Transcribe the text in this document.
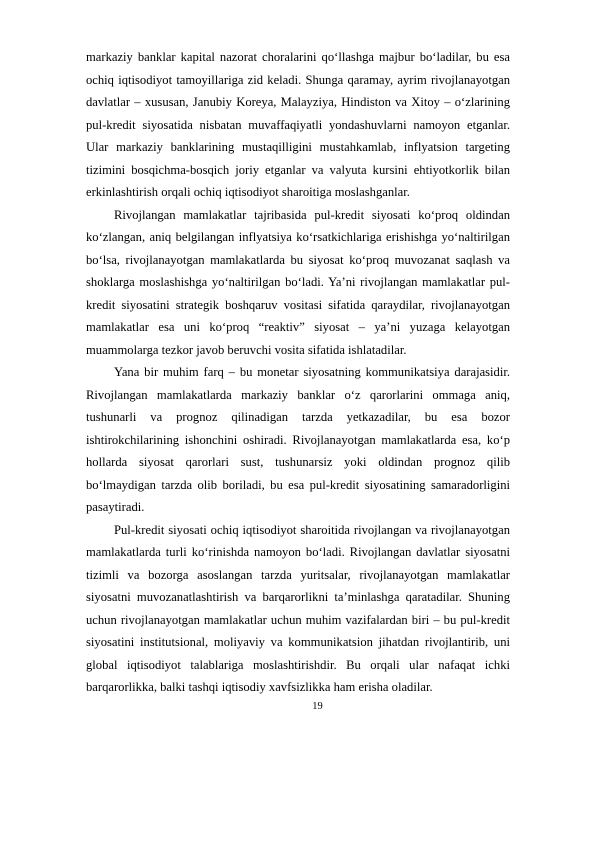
markaziy banklar kapital nazorat choralarini qo‘llashga majbur bo‘ladilar, bu esa ochiq iqtisodiyot tamoyillariga zid keladi. Shunga qaramay, ayrim rivojlanayotgan davlatlar – xususan, Janubiy Koreya, Malayziya, Hindiston va Xitoy – o‘zlarining pul-kredit siyosatida nisbatan muvaffaqiyatli yondashuvlarni namoyon etganlar. Ular markaziy banklarining mustaqilligini mustahkamlab, inflyatsion targeting tizimini bosqichma-bosqich joriy etganlar va valyuta kursini ehtiyotkorlik bilan erkinlashtirish orqali ochiq iqtisodiyot sharoitiga moslashganlar.

Rivojlangan mamlakatlar tajribasida pul-kredit siyosati ko‘proq oldindan ko‘zlangan, aniq belgilangan inflyatsiya ko‘rsatkichlariga erishishga yo‘naltirilgan bo‘lsa, rivojlanayotgan mamlakatlarda bu siyosat ko‘proq muvozanat saqlash va shoklarga moslashishga yo‘naltirilgan bo‘ladi. Ya’ni rivojlangan mamlakatlar pul-kredit siyosatini strategik boshqaruv vositasi sifatida qaraydilar, rivojlanayotgan mamlakatlar esa uni ko‘proq “reaktiv” siyosat – ya’ni yuzaga kelayotgan muammolarga tezkor javob beruvchi vosita sifatida ishlatadilar.

Yana bir muhim farq – bu monetar siyosatning kommunikatsiya darajasidir. Rivojlangan mamlakatlarda markaziy banklar o‘z qarorlarini ommaga aniq, tushunarli va prognoz qilinadigan tarzda yetkazadilar, bu esa bozor ishtirokchilarining ishonchini oshiradi. Rivojlanayotgan mamlakatlarda esa, ko‘p hollarda siyosat qarorlari sust, tushunarsiz yoki oldindan prognoz qilib bo‘lmaydigan tarzda olib boriladi, bu esa pul-kredit siyosatining samaradorligini pasaytiradi.

Pul-kredit siyosati ochiq iqtisodiyot sharoitida rivojlangan va rivojlanayotgan mamlakatlarda turli ko‘rinishda namoyon bo‘ladi. Rivojlangan davlatlar siyosatni tizimli va bozorga asoslangan tarzda yuritsalar, rivojlanayotgan mamlakatlar siyosatni muvozanatlashtirish va barqarorlikni ta’minlashga qaratadilar. Shuning uchun rivojlanayotgan mamlakatlar uchun muhim vazifalardan biri – bu pul-kredit siyosatini institutsional, moliyaviy va kommunikatsion jihatdan rivojlantirib, uni global iqtisodiyot talablariga moslashtirishdir. Bu orqali ular nafaqat ichki barqarorlikka, balki tashqi iqtisodiy xavfsizlikka ham erisha oladilar.

19
